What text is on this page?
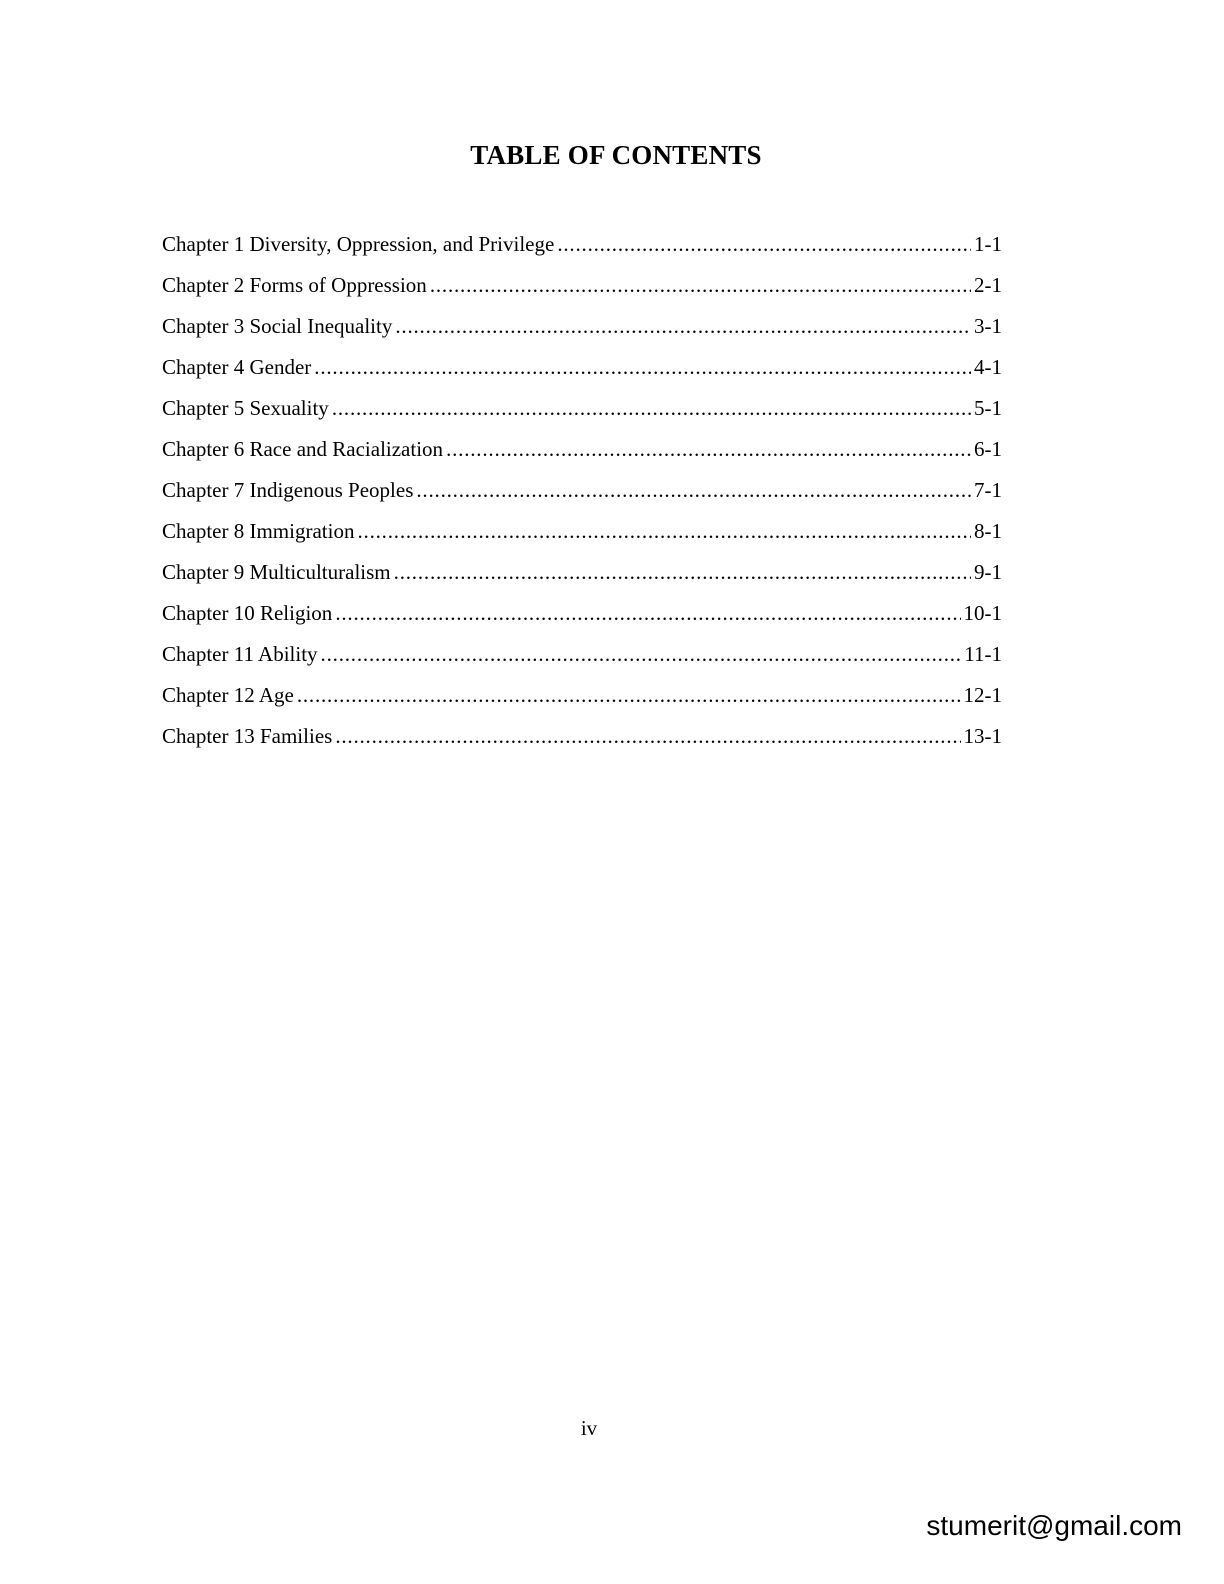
TABLE OF CONTENTS
Chapter 1 Diversity, Oppression, and Privilege .....	1-1
Chapter 2 Forms of Oppression .....	2-1
Chapter 3 Social Inequality .....	3-1
Chapter 4 Gender .....	4-1
Chapter 5 Sexuality .....	5-1
Chapter 6 Race and Racialization .....	6-1
Chapter 7 Indigenous Peoples .....	7-1
Chapter 8 Immigration .....	8-1
Chapter 9 Multiculturalism .....	9-1
Chapter 10 Religion .....	10-1
Chapter 11 Ability .....	11-1
Chapter 12 Age .....	12-1
Chapter 13 Families .....	13-1
iv
stumerit@gmail.com
